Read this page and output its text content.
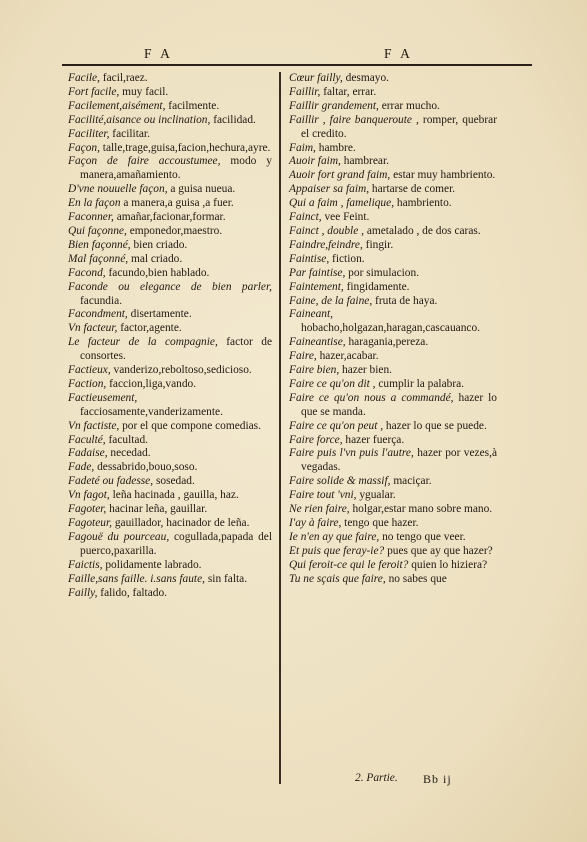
F A	F A
Facile, facil,raez.
Fort facile, muy facil.
Facilement,aisément, facilmente.
Facilité,aisance ou inclination, facilidad.
Faciliter, facilitar.
Façon, talle,trage,guisa,facion,hechura,ayre.
Façon de faire accoustumee, modo y manera,amañamiento.
D'vne nouuelle façon, a guisa nueua.
En la façon a manera,a guisa ,a fuer.
Faconner, amañar,facionar,formar.
Qui façonne, emponedor,maestro.
Bien façonné, bien criado.
Mal façonné, mal criado.
Facond, facundo,bien hablado.
Faconde ou elegance de bien parler, facundia.
Facondment, disertamente.
Vn facteur, factor,agente.
Le facteur de la compagnie, factor de consortes.
Factieux, vanderizo,reboltoso,sedicioso.
Faction, faccion,liga,vando.
Factieusement, facciosamente,vanderizamente.
Vn factiste, por el que compone comedias.
Faculté, facultad.
Fadaise, necedad.
Fade, dessabrido,bouo,soso.
Fadeté ou fadesse, sosedad.
Vn fagot, leña hacinada , gauilla, haz.
Fagoter, hacinar leña, gauillar.
Fagoteur, gauillador, hacinador de leña.
Fagouë du pourceau, cogullada,papada del puerco,paxarilla.
Faictis, polidamente labrado.
Faille,sans faille. i.sans faute, sin falta.
Failly, falido, faltado.
Cœur failly, desmayo.
Faillir, faltar, errar.
Faillir grandement, errar mucho.
Faillir , faire banqueroute , romper, quebrar el credito.
Faim, hambre.
Auoir faim, hambrear.
Auoir fort grand faim, estar muy hambriento.
Appaiser sa faim, hartarse de comer.
Qui a faim , famelique, hambriento.
Fainct, vee Feint.
Fainct , double , ametalado , de dos caras.
Faindre,feindre, fingir.
Faintise, fiction.
Par faintise, por simulacion.
Faintement, fingidamente.
Faine, de la faine, fruta de haya.
Faineant, hobacho,holgazan,haragan,cascauanco.
Faineantise, haragania,pereza.
Faire, hazer,acabar.
Faire bien, hazer bien.
Faire ce qu'on dit , cumplir la palabra.
Faire ce qu'on nous a commandé, hazer lo que se manda.
Faire ce qu'on peut , hazer lo que se puede.
Faire force, hazer fuerça.
Faire puis l'vn puis l'autre, hazer por vezes,à vegadas.
Faire solide & massif, maciçar.
Faire tout 'vni, ygualar.
Ne rien faire, holgar,estar mano sobre mano.
I'ay à faire, tengo que hazer.
Ie n'en ay que faire, no tengo que veer.
Et puis que feray-ie? pues que ay que hazer?
Qui feroit-ce qui le feroit? quien lo hiziera?
Tu ne sçais que faire, no sabes que
2. Partie. Bb ij
